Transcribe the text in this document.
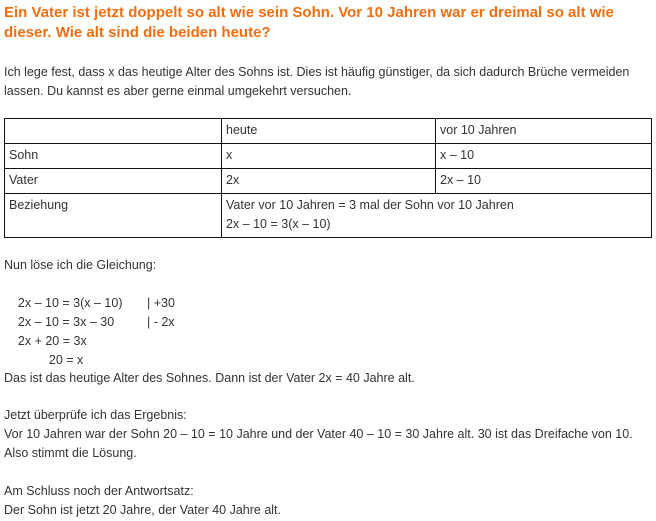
Ein Vater ist jetzt doppelt so alt wie sein Sohn. Vor 10 Jahren war er dreimal so alt wie dieser. Wie alt sind die beiden heute?

Ich lege fest, dass x das heutige Alter des Sohns ist. Dies ist häufig günstiger, da sich dadurch Brüche vermeiden lassen. Du kannst es aber gerne einmal umgekehrt versuchen.

	heute	vor 10 Jahren
Sohn	x	x – 10
Vater	2x	2x – 10
Beziehung	Vater vor 10 Jahren = 3 mal der Sohn vor 10 Jahren
2x – 10 = 3(x – 10)	
Nun löse ich die Gleichung:

2x – 10 = 3(x – 10)

2x – 10 = 3x – 30

| +30

2x + 20 = 3x

| - 2x

20 = x

Das ist das heutige Alter des Sohnes. Dann ist der Vater 2x = 40 Jahre alt.

Jetzt überprüfe ich das Ergebnis:
Vor 10 Jahren war der Sohn 20 – 10 = 10 Jahre und der Vater 40 – 10 = 30 Jahre alt. 30 ist das Dreifache von 10. Also stimmt die Lösung.
Am Schluss noch der Antwortsatz:
Der Sohn ist jetzt 20 Jahre, der Vater 40 Jahre alt.
